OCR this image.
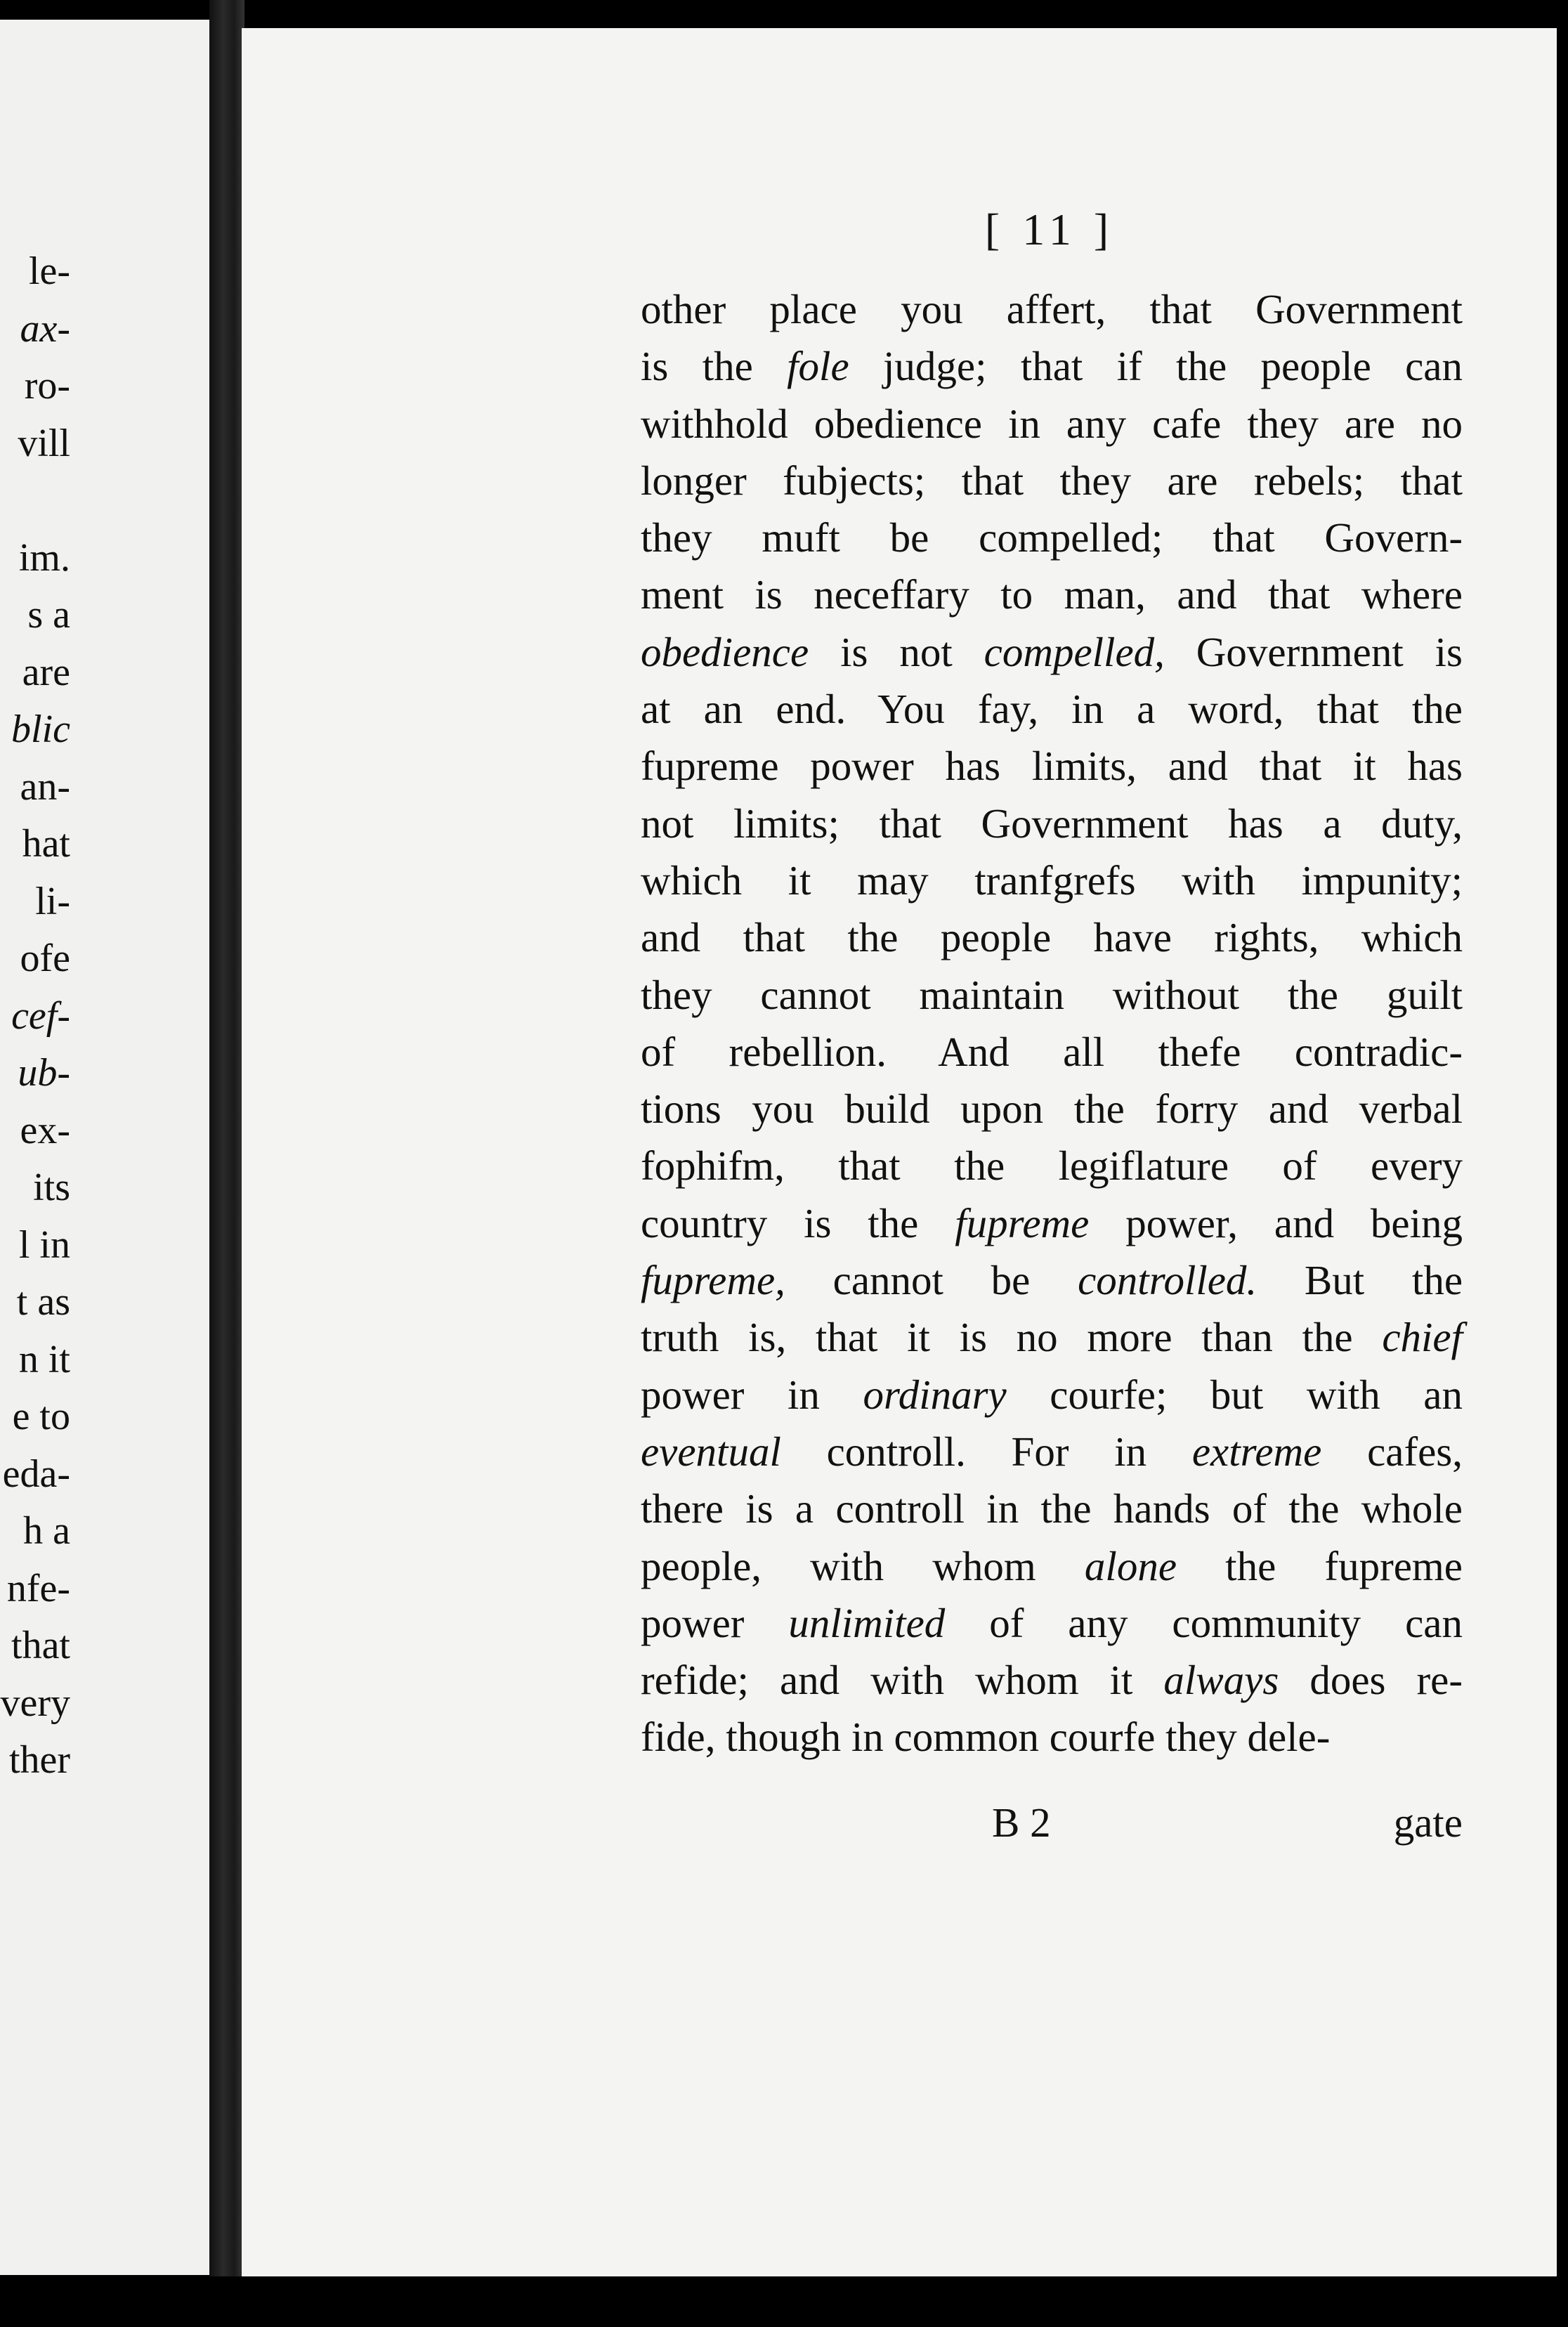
le-
ax-
ro-
vill
im.
s a
are
blic
an-
hat
li-
ofe
cef-
ub-
ex-
its
l in
t as
n it
e to
eda-
h a
nfe-
that
very
ther
[ 11 ]
other place you affert, that Government
is the fole judge; that if the people can
withhold obedience in any cafe they are no
longer fubjects; that they are rebels; that
they muft be compelled; that Govern-
ment is neceffary to man, and that where
obedience is not compelled, Government is
at an end. You fay, in a word, that the
fupreme power has limits, and that it has
not limits; that Government has a duty,
which it may tranfgrefs with impunity;
and that the people have rights, which
they cannot maintain without the guilt
of rebellion. And all thefe contradic-
tions you build upon the forry and verbal
fophifm, that the legiflature of every
country is the fupreme power, and being
fupreme, cannot be controlled. But the
truth is, that it is no more than the chief
power in ordinary courfe; but with an
eventual controll. For in extreme cafes,
there is a controll in the hands of the whole
people, with whom alone the fupreme
power unlimited of any community can
refide; and with whom it always does re-
fide, though in common courfe they dele-
B 2	gate
